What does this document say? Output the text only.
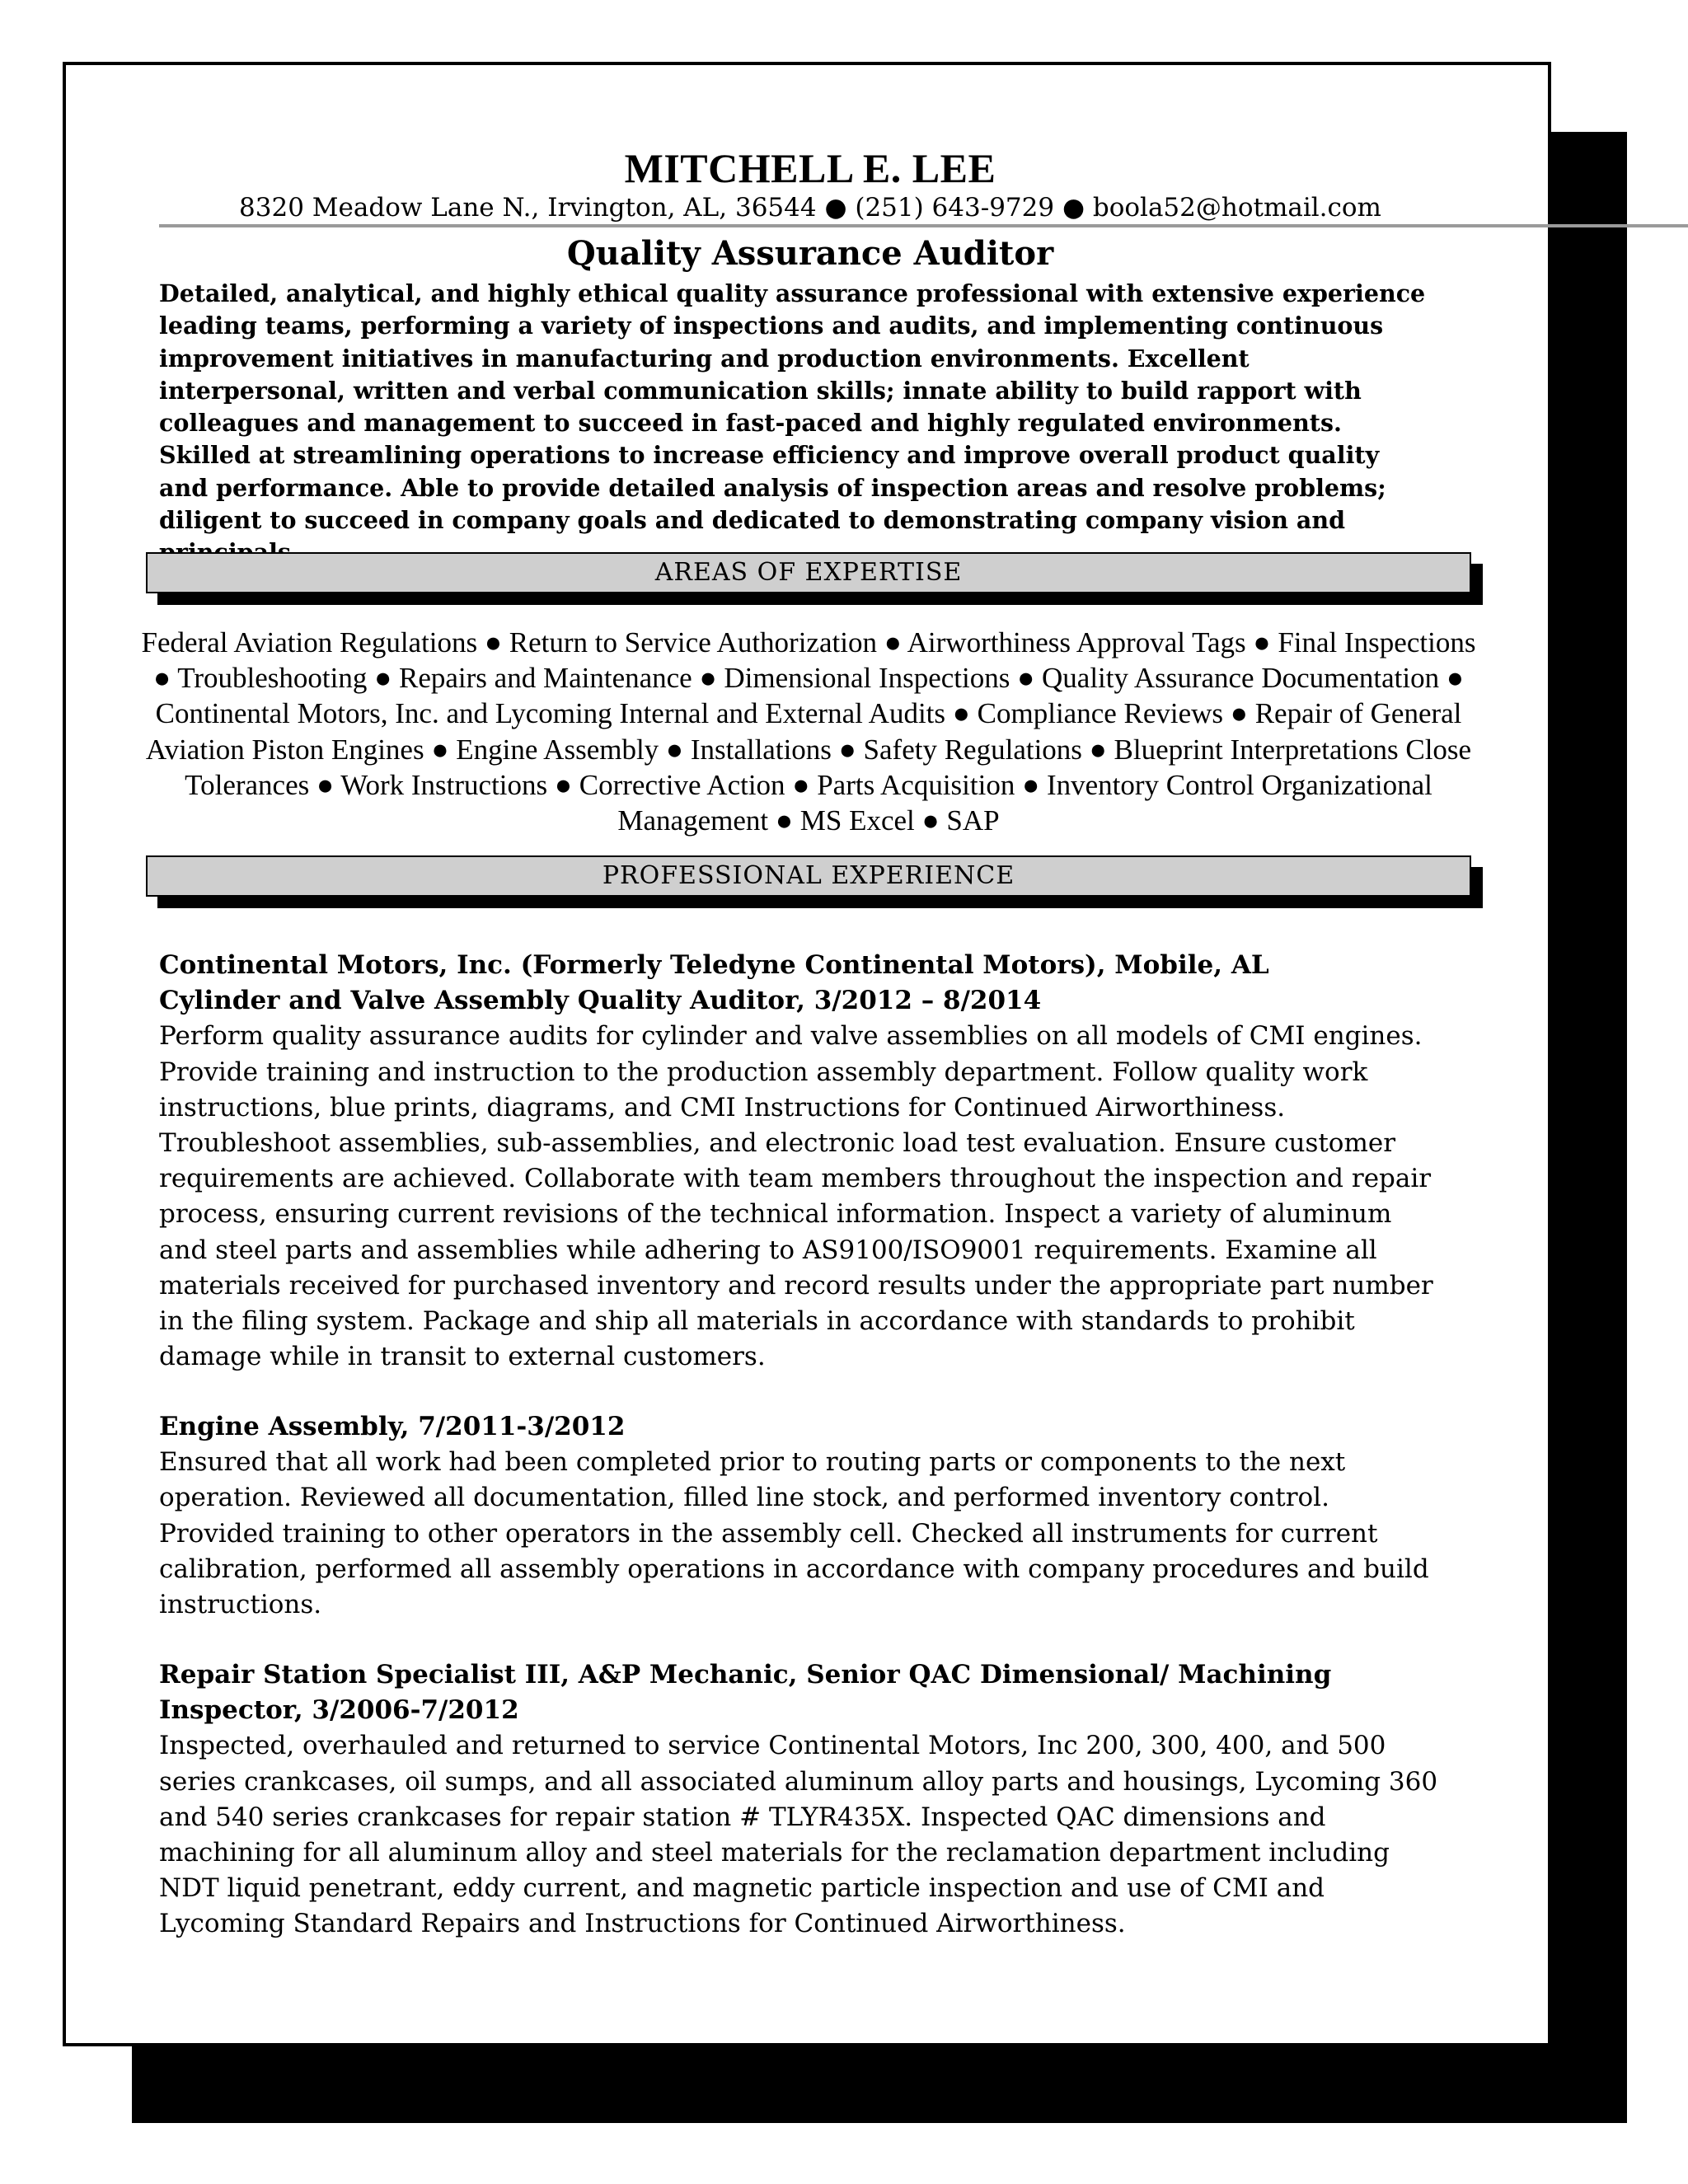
MITCHELL E. LEE
8320 Meadow Lane N., Irvington, AL, 36544 ● (251) 643-9729 ● boola52@hotmail.com
Quality Assurance Auditor
Detailed, analytical, and highly ethical quality assurance professional with extensive experience leading teams, performing a variety of inspections and audits, and implementing continuous improvement initiatives in manufacturing and production environments. Excellent interpersonal, written and verbal communication skills; innate ability to build rapport with colleagues and management to succeed in fast-paced and highly regulated environments. Skilled at streamlining operations to increase efficiency and improve overall product quality and performance. Able to provide detailed analysis of inspection areas and resolve problems; diligent to succeed in company goals and dedicated to demonstrating company vision and
AREAS OF EXPERTISE
Federal Aviation Regulations ● Return to Service Authorization ● Airworthiness Approval Tags ● Final Inspections ● Troubleshooting ● Repairs and Maintenance ● Dimensional Inspections ● Quality Assurance Documentation ● Continental Motors, Inc. and Lycoming Internal and External Audits ● Compliance Reviews ● Repair of General Aviation Piston Engines ● Engine Assembly ● Installations ● Safety Regulations ● Blueprint Interpretations Close Tolerances ● Work Instructions ● Corrective Action ● Parts Acquisition ● Inventory Control Organizational Management ● MS Excel ● SAP
PROFESSIONAL EXPERIENCE
Continental Motors, Inc. (Formerly Teledyne Continental Motors), Mobile, AL
Cylinder and Valve Assembly Quality Auditor, 3/2012 – 8/2014
Perform quality assurance audits for cylinder and valve assemblies on all models of CMI engines. Provide training and instruction to the production assembly department. Follow quality work instructions, blue prints, diagrams, and CMI Instructions for Continued Airworthiness. Troubleshoot assemblies, sub-assemblies, and electronic load test evaluation. Ensure customer requirements are achieved. Collaborate with team members throughout the inspection and repair process, ensuring current revisions of the technical information. Inspect a variety of aluminum and steel parts and assemblies while adhering to AS9100/ISO9001 requirements. Examine all materials received for purchased inventory and record results under the appropriate part number in the filing system. Package and ship all materials in accordance with standards to prohibit damage while in transit to external customers.
Engine Assembly, 7/2011-3/2012
Ensured that all work had been completed prior to routing parts or components to the next operation. Reviewed all documentation, filled line stock, and performed inventory control. Provided training to other operators in the assembly cell. Checked all instruments for current calibration, performed all assembly operations in accordance with company procedures and build instructions.
Repair Station Specialist III, A&P Mechanic, Senior QAC Dimensional/ Machining Inspector, 3/2006-7/2012
Inspected, overhauled and returned to service Continental Motors, Inc 200, 300, 400, and 500 series crankcases, oil sumps, and all associated aluminum alloy parts and housings, Lycoming 360 and 540 series crankcases for repair station # TLYR435X. Inspected QAC dimensions and machining for all aluminum alloy and steel materials for the reclamation department including NDT liquid penetrant, eddy current, and magnetic particle inspection and use of CMI and Lycoming Standard Repairs and Instructions for Continued Airworthiness.
